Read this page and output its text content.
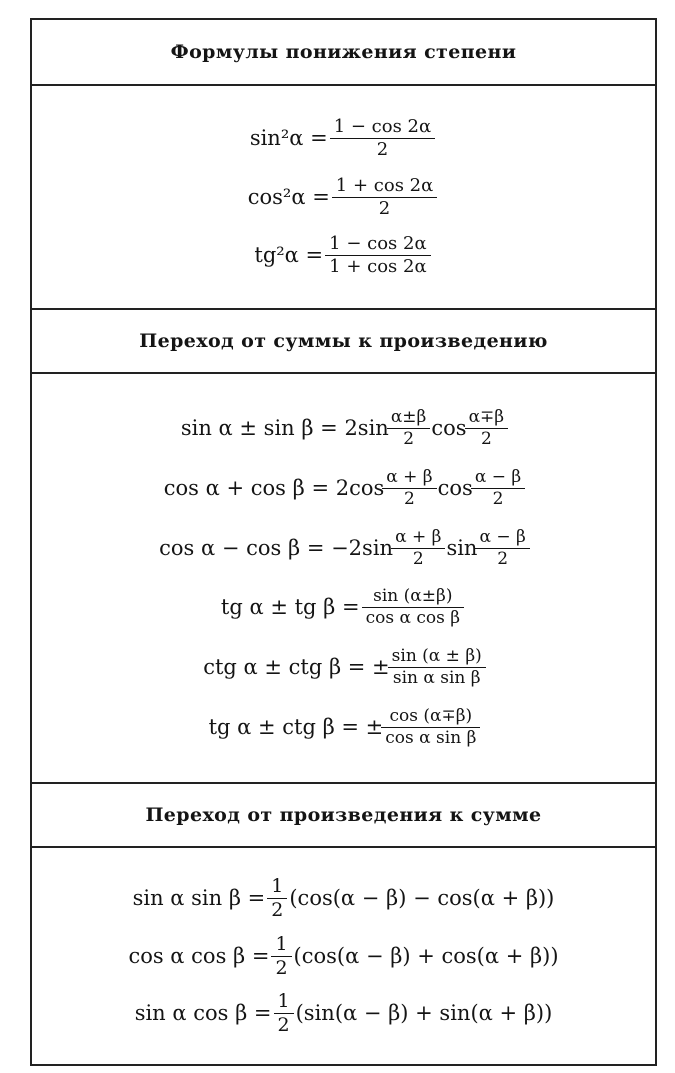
Формулы понижения степени
$\sin^2\alpha = \frac{1 - \cos 2\alpha}{2}$
$\cos^2\alpha = \frac{1 + \cos 2\alpha}{2}$
$tg^2\alpha = \frac{1 - \cos 2\alpha}{1 + \cos 2\alpha}$
Переход от суммы к произведению
$\sin \alpha \pm \sin \beta = 2\sin \frac{\alpha\pm\beta}{2}$ $\cos \frac{\alpha\mp\beta}{2}$
$\cos \alpha + \cos \beta = 2\cos \frac{\alpha + \beta}{2}$ $\cos \frac{\alpha - \beta}{2}$
$\cos \alpha - \cos \beta = -2\sin \frac{\alpha + \beta}{2}$ $\sin \frac{\alpha - \beta}{2}$
tg α ± tg $\beta = \frac{\sin (\alpha\pm\beta)}{\text{cos α cos β}}$
ctg α ± ctg β = ± $\frac{\sin (\alpha \pm \beta)}{\text{sin α sin β}}$
tg α ± ctg β = ± $\frac{\cos (\alpha\mp\beta)}{\text{cos α sin β}}$
Переход от произведения к сумме
sin α $\sin \beta = \frac{1}{2} (\cos(\alpha - \beta) - \cos(\alpha + \beta))$
cos α $\cos \beta = \frac{1}{2} (\cos(\alpha - \beta) + \cos(\alpha + \beta))$
sin α $\cos \beta = \frac{1}{2} (\sin(\alpha - \beta) + \sin(\alpha + \beta))$
